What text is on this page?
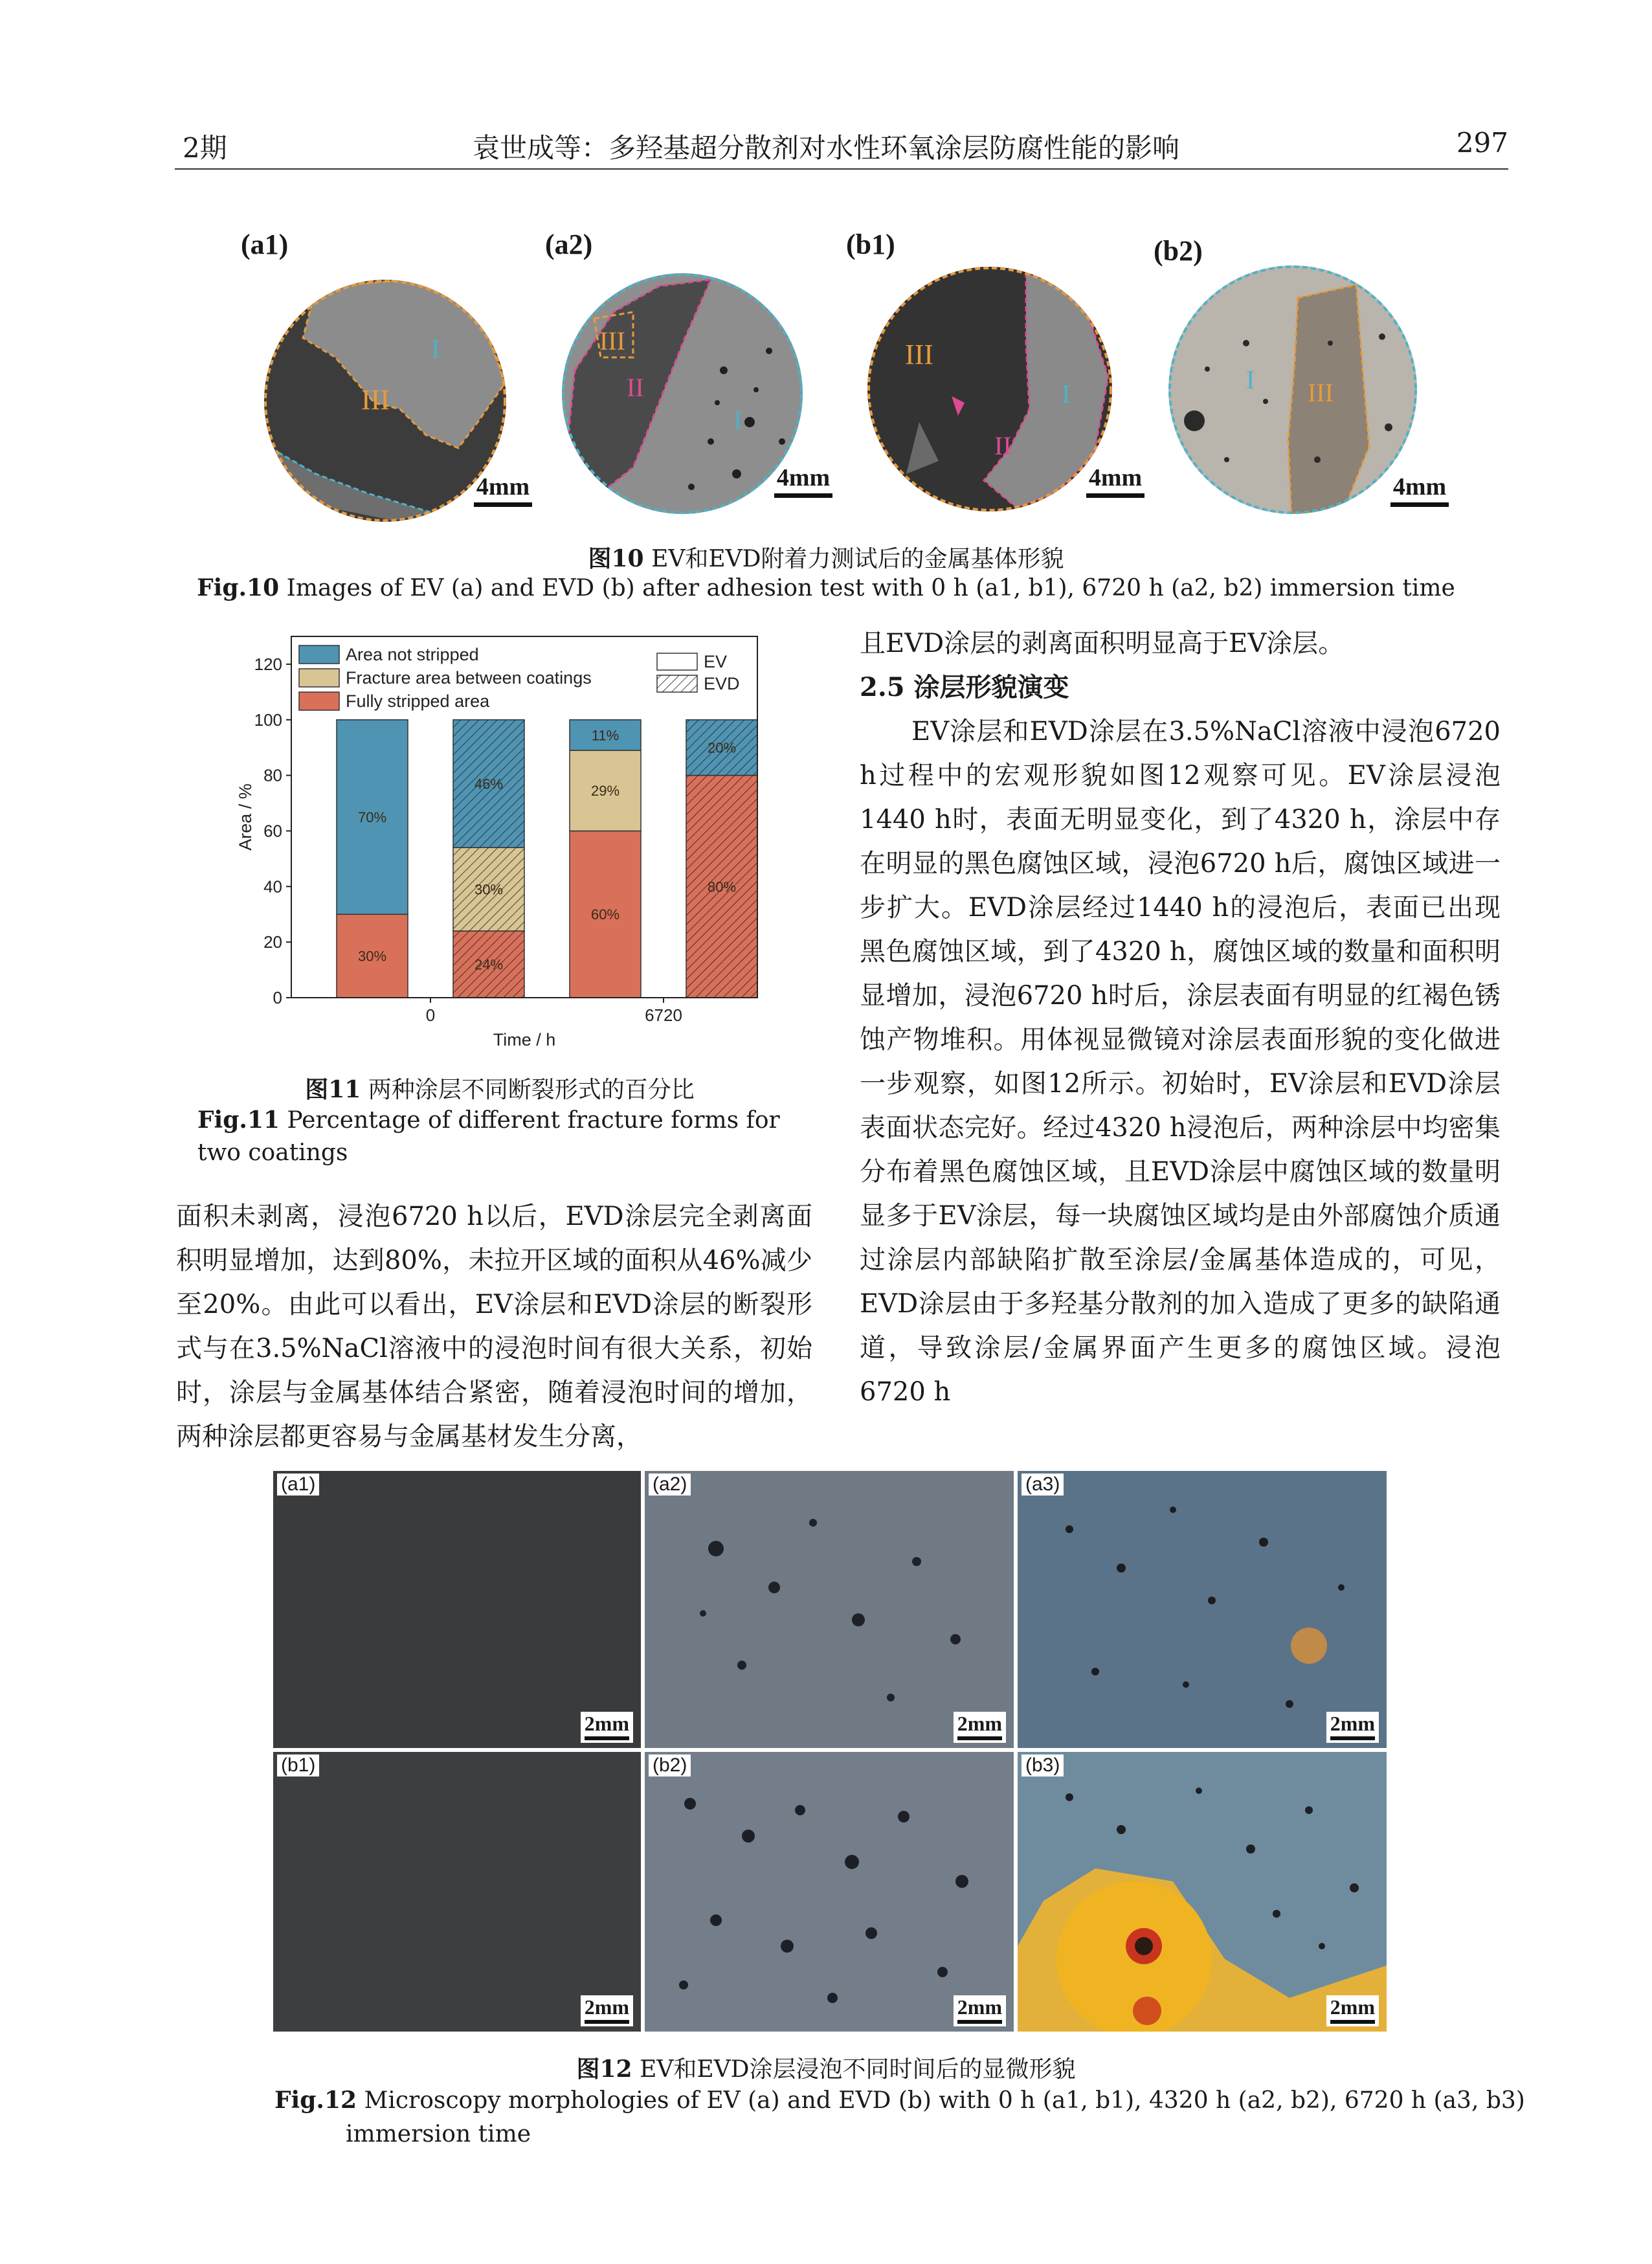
2期	袁世成等：多羟基超分散剂对水性环氧涂层防腐性能的影响	297
(a1)	(a2)	(b1)	(b2)
I
III
4mm
III
II
I
4mm
III
II
I
4mm
I III
4mm
图10 EV和EVD附着力测试后的金属基体形貌
Fig.10 Images of EV (a) and EVD (b) after adhesion test with 0 h (a1, b1), 6720 h (a2, b2) immersion time
30%
70%
24%
30%
46%
60%
29%
11%
80%
20%
0
20
40
60
80
100
120
0	6720
Time / h
Area / %
Area not stripped
Fracture area between coatings
Fully stripped area
EV
EVD
图11 两种涂层不同断裂形式的百分比
Fig.11 Percentage of different fracture forms for two coatings

面积未剥离，浸泡6720 h以后，EVD涂层完全剥离面积明显增加，达到80%，未拉开区域的面积从46%减少至20%。由此可以看出，EV涂层和EVD涂层的断裂形式与在3.5%NaCl溶液中的浸泡时间有很大关系，初始时，涂层与金属基体结合紧密，随着浸泡时间的增加，两种涂层都更容易与金属基材发生分离，

且EVD涂层的剥离面积明显高于EV涂层。

2.5 涂层形貌演变

EV涂层和EVD涂层在3.5%NaCl溶液中浸泡6720 h过程中的宏观形貌如图12观察可见。EV涂层浸泡1440 h时，表面无明显变化，到了4320 h，涂层中存在明显的黑色腐蚀区域，浸泡6720 h后，腐蚀区域进一步扩大。EVD涂层经过1440 h的浸泡后，表面已出现黑色腐蚀区域，到了4320 h，腐蚀区域的数量和面积明显增加，浸泡6720 h时后，涂层表面有明显的红褐色锈蚀产物堆积。用体视显微镜对涂层表面形貌的变化做进一步观察，如图12所示。初始时，EV涂层和EVD涂层表面状态完好。经过4320 h浸泡后，两种涂层中均密集分布着黑色腐蚀区域，且EVD涂层中腐蚀区域的数量明显多于EV涂层，每一块腐蚀区域均是由外部腐蚀介质通过涂层内部缺陷扩散至涂层/金属基体造成的，可见，EVD涂层由于多羟基分散剂的加入造成了更多的缺陷通道，导致涂层/金属界面产生更多的腐蚀区域。浸泡6720 h

(a1)
2mm
(a2)
2mm
(a3)
2mm
(b1)
2mm
(b2)
2mm
(b3)
2mm
图12 EV和EVD涂层浸泡不同时间后的显微形貌
Fig.12 Microscopy morphologies of EV (a) and EVD (b) with 0 h (a1, b1), 4320 h (a2, b2), 6720 h (a3, b3)
immersion time
